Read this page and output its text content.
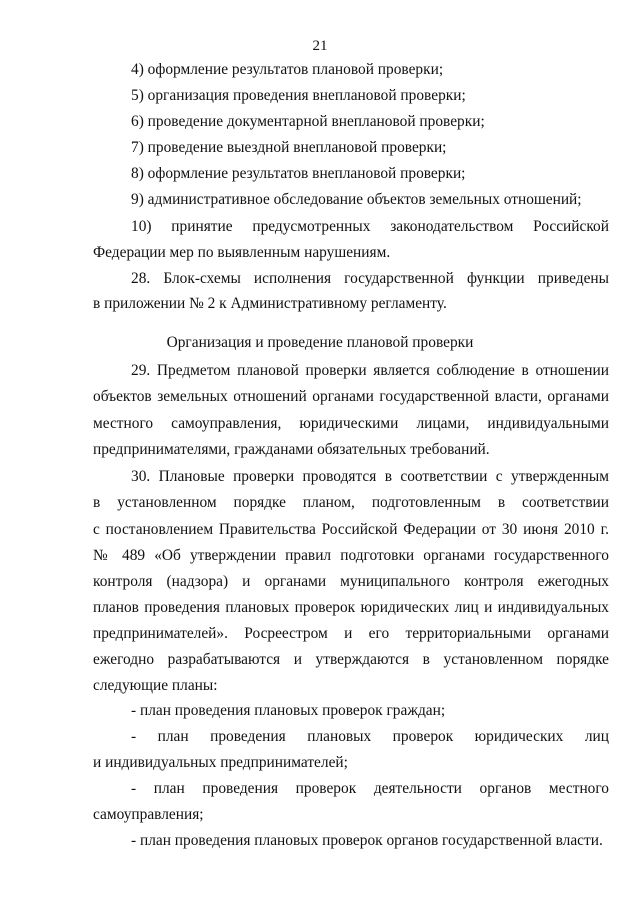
21
4) оформление результатов плановой проверки;
5) организация проведения внеплановой проверки;
6) проведение документарной внеплановой проверки;
7) проведение выездной внеплановой проверки;
8) оформление результатов внеплановой проверки;
9) административное обследование объектов земельных отношений;
10) принятие предусмотренных законодательством Российской
Федерации мер по выявленным нарушениям.
28. Блок-схемы исполнения государственной функции приведены
в приложении № 2 к Административному регламенту.
Организация и проведение плановой проверки
29. Предметом плановой проверки является соблюдение в отношении
объектов земельных отношений органами государственной власти, органами
местного самоуправления, юридическими лицами, индивидуальными
предпринимателями, гражданами обязательных требований.
30. Плановые проверки проводятся в соответствии с утвержденным
в установленном порядке планом, подготовленным в соответствии
с постановлением Правительства Российской Федерации от 30 июня 2010 г.
№ 489 «Об утверждении правил подготовки органами государственного
контроля (надзора) и органами муниципального контроля ежегодных
планов проведения плановых проверок юридических лиц и индивидуальных
предпринимателей». Росреестром и его территориальными органами
ежегодно разрабатываются и утверждаются в установленном порядке
следующие планы:
- план проведения плановых проверок граждан;
- план проведения плановых проверок юридических лиц
и индивидуальных предпринимателей;
- план проведения проверок деятельности органов местного
самоуправления;
- план проведения плановых проверок органов государственной власти.
